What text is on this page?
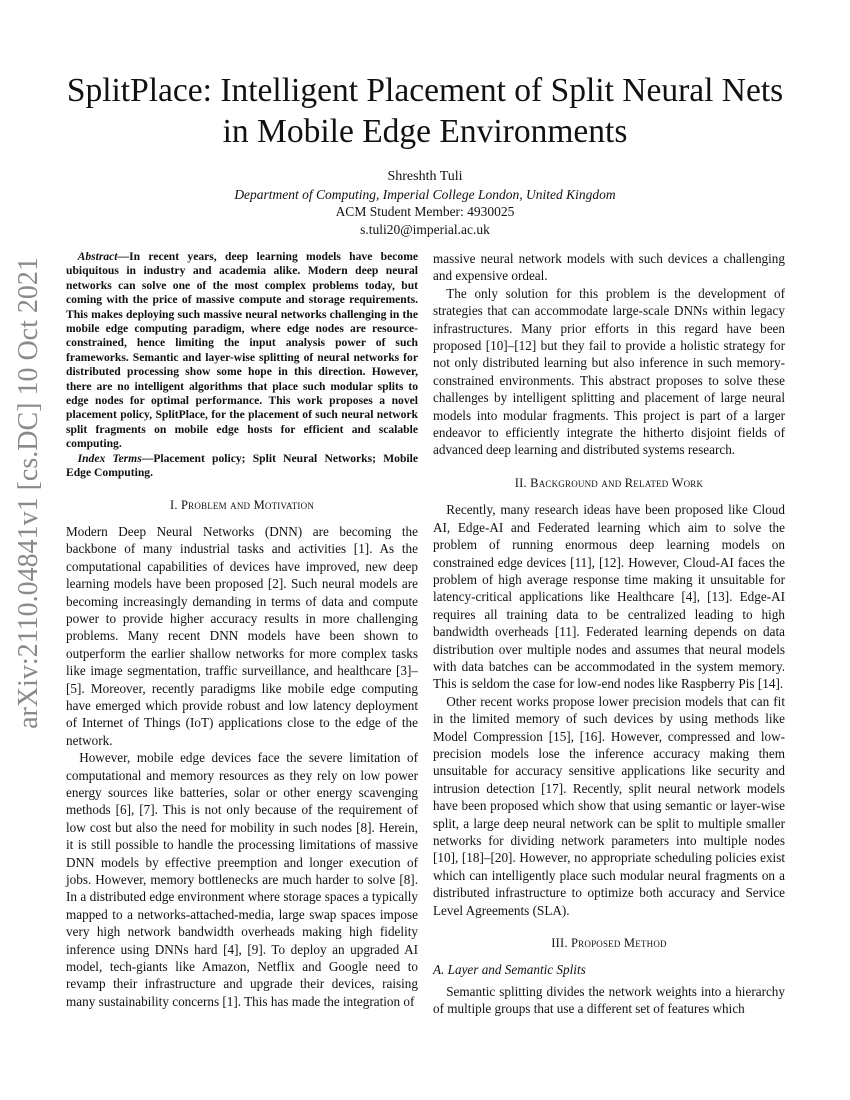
arXiv:2110.04841v1 [cs.DC] 10 Oct 2021
SplitPlace: Intelligent Placement of Split Neural Nets in Mobile Edge Environments
Shreshth Tuli
Department of Computing, Imperial College London, United Kingdom
ACM Student Member: 4930025
s.tuli20@imperial.ac.uk

Abstract—In recent years, deep learning models have become ubiquitous in industry and academia alike. Modern deep neural networks can solve one of the most complex problems today, but coming with the price of massive compute and storage requirements. This makes deploying such massive neural networks challenging in the mobile edge computing paradigm, where edge nodes are resource-constrained, hence limiting the input analysis power of such frameworks. Semantic and layer-wise splitting of neural networks for distributed processing show some hope in this direction. However, there are no intelligent algorithms that place such modular splits to edge nodes for optimal performance. This work proposes a novel placement policy, SplitPlace, for the placement of such neural network split fragments on mobile edge hosts for efficient and scalable computing.

Index Terms—Placement policy; Split Neural Networks; Mobile Edge Computing.

I. Problem and Motivation

Modern Deep Neural Networks (DNN) are becoming the backbone of many industrial tasks and activities [1]. As the computational capabilities of devices have improved, new deep learning models have been proposed [2]. Such neural models are becoming increasingly demanding in terms of data and compute power to provide higher accuracy results in more challenging problems. Many recent DNN models have been shown to outperform the earlier shallow networks for more complex tasks like image segmentation, traffic surveillance, and healthcare [3]–[5]. Moreover, recently paradigms like mobile edge computing have emerged which provide robust and low latency deployment of Internet of Things (IoT) applications close to the edge of the network.

However, mobile edge devices face the severe limitation of computational and memory resources as they rely on low power energy sources like batteries, solar or other energy scavenging methods [6], [7]. This is not only because of the requirement of low cost but also the need for mobility in such nodes [8]. Herein, it is still possible to handle the processing limitations of massive DNN models by effective preemption and longer execution of jobs. However, memory bottlenecks are much harder to solve [8]. In a distributed edge environment where storage spaces a typically mapped to a networks-attached-media, large swap spaces impose very high network bandwidth overheads making high fidelity inference using DNNs hard [4], [9]. To deploy an upgraded AI model, tech-giants like Amazon, Netflix and Google need to revamp their infrastructure and upgrade their devices, raising many sustainability concerns [1]. This has made the integration of

massive neural network models with such devices a challenging and expensive ordeal.

The only solution for this problem is the development of strategies that can accommodate large-scale DNNs within legacy infrastructures. Many prior efforts in this regard have been proposed [10]–[12] but they fail to provide a holistic strategy for not only distributed learning but also inference in such memory-constrained environments. This abstract proposes to solve these challenges by intelligent splitting and placement of large neural models into modular fragments. This project is part of a larger endeavor to efficiently integrate the hitherto disjoint fields of advanced deep learning and distributed systems research.

II. Background and Related Work

Recently, many research ideas have been proposed like Cloud AI, Edge-AI and Federated learning which aim to solve the problem of running enormous deep learning models on constrained edge devices [11], [12]. However, Cloud-AI faces the problem of high average response time making it unsuitable for latency-critical applications like Healthcare [4], [13]. Edge-AI requires all training data to be centralized leading to high bandwidth overheads [11]. Federated learning depends on data distribution over multiple nodes and assumes that neural models with data batches can be accommodated in the system memory. This is seldom the case for low-end nodes like Raspberry Pis [14].

Other recent works propose lower precision models that can fit in the limited memory of such devices by using methods like Model Compression [15], [16]. However, compressed and low-precision models lose the inference accuracy making them unsuitable for accuracy sensitive applications like security and intrusion detection [17]. Recently, split neural network models have been proposed which show that using semantic or layer-wise split, a large deep neural network can be split to multiple smaller networks for dividing network parameters into multiple nodes [10], [18]–[20]. However, no appropriate scheduling policies exist which can intelligently place such modular neural fragments on a distributed infrastructure to optimize both accuracy and Service Level Agreements (SLA).

III. Proposed Method
A. Layer and Semantic Splits

Semantic splitting divides the network weights into a hierarchy of multiple groups that use a different set of features which
